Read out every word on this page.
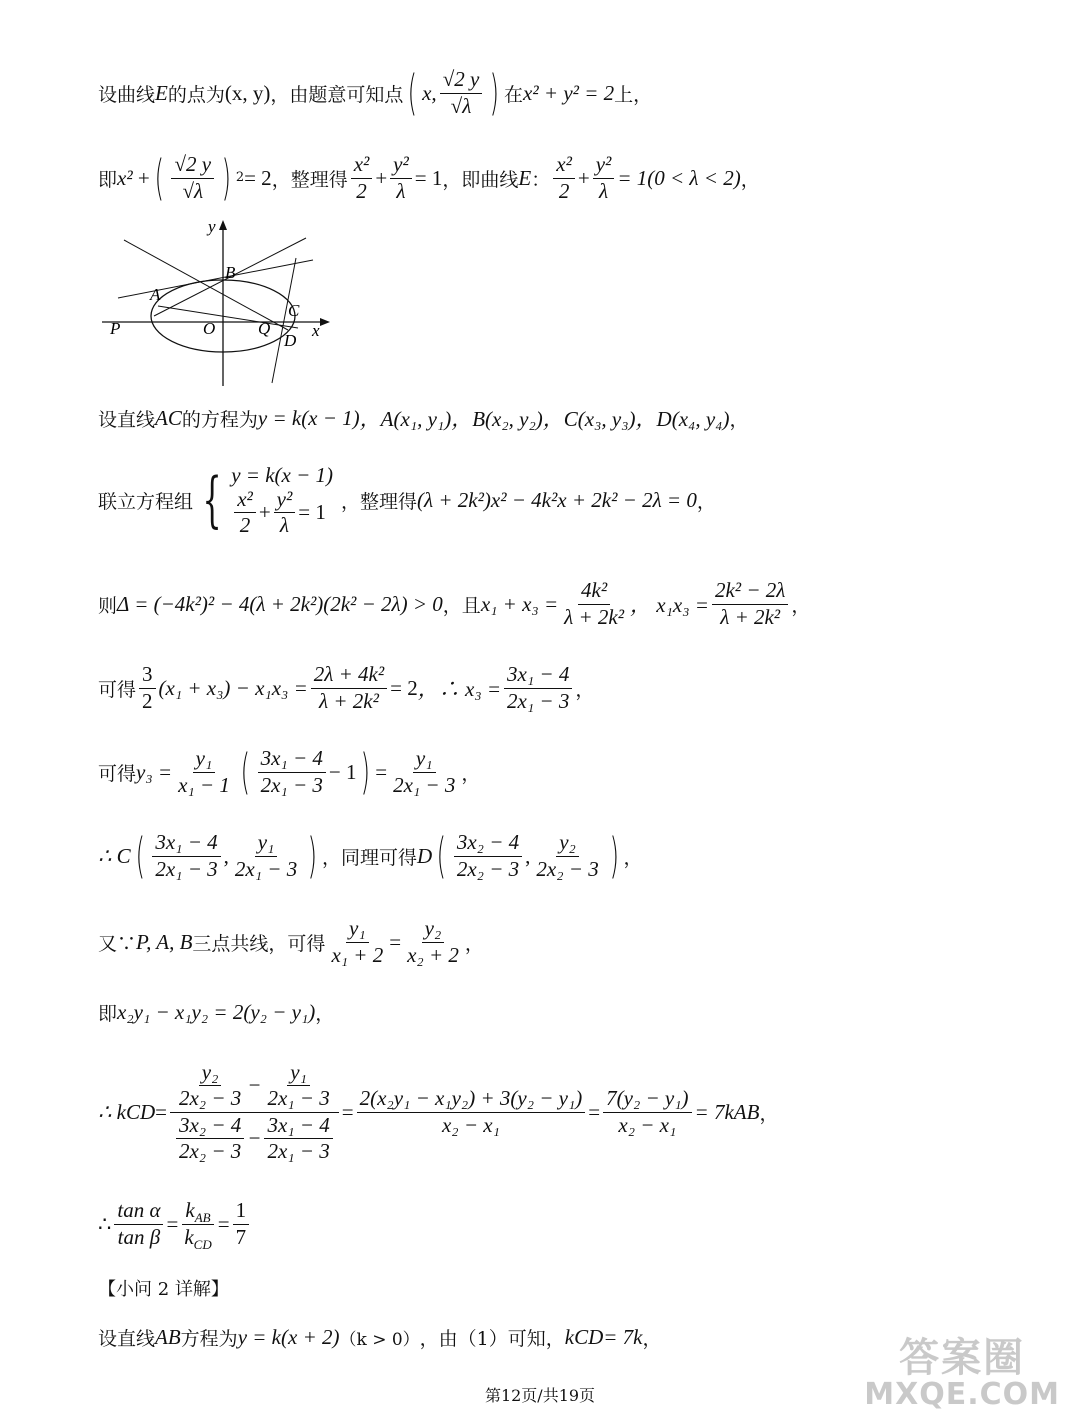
设曲线 E 的点为 (x, y) ，由题意可知点 ( x, $\frac{√2 y}{√\lambda}$ ) 在 x² + y² = 2 上，
即 x² + ( $\frac{√2 y}{√\lambda}$ ) 2 = 2 ，整理得 $\frac{\text{x²}}{2} + \frac{\text{y²}}{\lambda} = 1$ ，即曲线 E ： $\frac{\text{x²}}{2} + \frac{\text{y²}}{\lambda} = 1(0 < \lambda < 2)$ ，
y
x
B
A
C
D
P	O	Q
设直线 AC 的方程为 y = k(x − 1) ，A(x₁, y₁) ，B(x₂, y₂) ，C(x₃, y₃) ，D(x₄, y₄) ，
联立方程组 { y = k(x − 1)
$\frac{\text{x²}}{2} + \frac{\text{y²}}{\lambda} = 1$ ，整理得 (λ + 2k²)x² − 4k²x + 2k² − 2λ = 0 ，
则 Δ = (−4k²)² − 4(λ + 2k²)(2k² − 2λ) > 0 ，且 $x_1 + x_3 = \frac{\text{4k²}}{\text{λ + 2k²}}$ ， $x_1x_3 = \frac{\text{2k² − 2λ}}{\text{λ + 2k²}}$ ，
可得 $\frac{3}{2} (x_1 + x_3) - x_1x_3 = \frac{\text{2λ + 4k²}}{\text{λ + 2k²}} = 2$ ，∴ $x_3 = \frac{\text{3x₁ − 4}}{\text{2x₁ − 3}}$ ，
可得 $y_3 = \frac{\text{y₁}}{\text{x₁ − 1}}$ ( $\frac{\text{3x₁ − 4}}{\text{2x₁ − 3}} - 1$ ) = $\frac{\text{y₁}}{\text{2x₁ − 3}}$ ，
∴ C ( $\frac{\text{3x₁ − 4}}{\text{2x₁ − 3}}$ , $\frac{\text{y₁}}{\text{2x₁ − 3}}$ ) ，同理可得 D ( $\frac{\text{3x₂ − 4}}{\text{2x₂ − 3}}$ , $\frac{\text{y₂}}{\text{2x₂ − 3}}$ ) ，
又∵ P, A, B 三点共线，可得 $\frac{\text{y₁}}{\text{x₁ + 2}} = \frac{\text{y₂}}{\text{x₂ + 2}}$ ，
即 x₂y₁ − x₁y₂ = 2(y₂ − y₁) ，
∴ k CD = $\frac{\frac{\text{y₂}}{\text{2x₂ − 3}} - \frac{\text{y₁}}{\text{2x₁ − 3}}}{\frac{\text{3x₂ − 4}}{\text{2x₂ − 3}} - \frac{\text{3x₁ − 4}}{\text{2x₁ − 3}}} = \frac{\text{2(x₂y₁ − x₁y₂) + 3(y₂ − y₁)}}{\text{x₂ − x₁}} = \frac{\text{7(y₂ − y₁)}}{\text{x₂ − x₁}} = 7k$ AB ，
∴ $\frac{\text{tan α}}{\text{tan β}} = \frac{k_{AB}}{k_{CD}} = \frac{1}{7}$
【小问 2 详解】
设直线 AB 方程为 y = k(x + 2) （k > 0） ，由（1）可知， k CD = 7k ，
第12页/共19页
答案圈
MXQE.COM
